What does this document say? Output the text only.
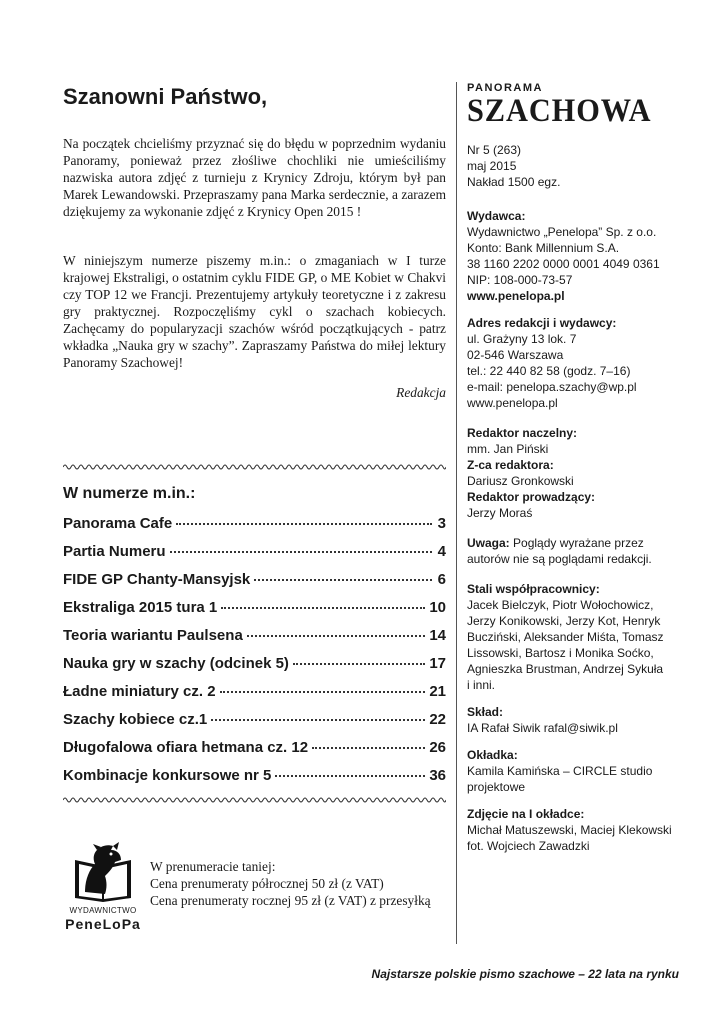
Szanowni Państwo,

Na początek chcieliśmy przyznać się do błędu w poprzednim wydaniu Panoramy, ponieważ przez złośliwe chochliki nie umieściliśmy nazwiska autora zdjęć z turnieju z Krynicy Zdroju, którym był pan Marek Lewandowski. Przepraszamy pana Marka serdecznie, a zarazem dziękujemy za wykonanie zdjęć z Krynicy Open 2015 !

W niniejszym numerze piszemy m.in.: o zmaganiach w I turze krajowej Ekstraligi, o ostatnim cyklu FIDE GP, o ME Kobiet w Chakvi czy TOP 12 we Francji. Prezentujemy artykuły teoretyczne i z zakresu gry praktycznej. Rozpoczęliśmy cykl o szachach kobiecych. Zachęcamy do popularyzacji szachów wśród początkujących - patrz wkładka „Nauka gry w szachy”. Zapraszamy Państwa do miłej lektury Panoramy Szachowej!

Redakcja
W numerze m.in.:
Panorama Cafe	3
Partia Numeru	4
FIDE GP Chanty-Mansyjsk	6
Ekstraliga 2015 tura 1	10
Teoria wariantu Paulsena	14
Nauka gry w szachy (odcinek 5)	17
Ładne miniatury cz. 2	21
Szachy kobiece cz.1	22
Długofalowa ofiara hetmana cz. 12	26
Kombinacje konkursowe nr 5	36
WYDAWNICTWO
PeneLoPa
W prenumeracie taniej:
Cena prenumeraty półrocznej 50 zł (z VAT)
Cena prenumeraty rocznej 95 zł (z VAT) z przesyłką
PANORAMA
SZACHOWA
Nr 5 (263)
maj 2015
Nakład 1500 egz.
Wydawca:
Wydawnictwo „Penelopa” Sp. z o.o.
Konto: Bank Millennium S.A.
38 1160 2202 0000 0001 4049 0361
NIP: 108-000-73-57
www.penelopa.pl
Adres redakcji i wydawcy:
ul. Grażyny 13 lok. 7
02-546 Warszawa
tel.: 22 440 82 58 (godz. 7–16)
e-mail: penelopa.szachy@wp.pl
www.penelopa.pl
Redaktor naczelny:
mm. Jan Piński
Z-ca redaktora:
Dariusz Gronkowski
Redaktor prowadzący:
Jerzy Moraś
Uwaga: Poglądy wyrażane przez autorów nie są poglądami redakcji.
Stali współpracownicy:
Jacek Bielczyk, Piotr Wołochowicz, Jerzy Konikowski, Jerzy Kot, Henryk Bucziński, Aleksander Miśta, Tomasz Lissowski, Bartosz i Monika Soćko, Agnieszka Brustman, Andrzej Sykuła i inni.
Skład:
IA Rafał Siwik rafal@siwik.pl
Okładka:
Kamila Kamińska – CIRCLE studio projektowe
Zdjęcie na I okładce:
Michał Matuszewski, Maciej Klekowski
fot. Wojciech Zawadzki
Najstarsze polskie pismo szachowe – 22 lata na rynku
